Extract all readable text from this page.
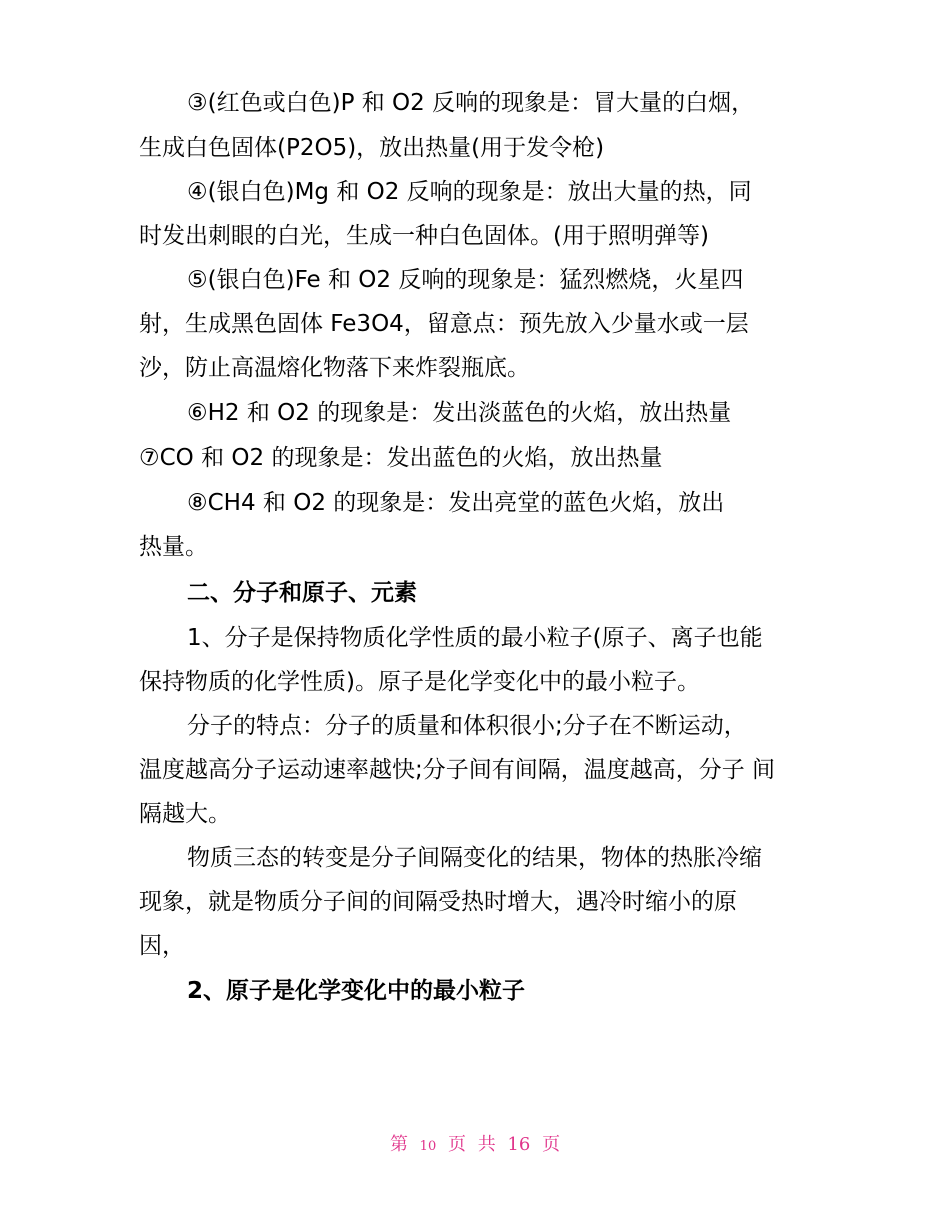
③(红色或白色)P 和 O2 反响的现象是：冒大量的白烟，
生成白色固体(P2O5)，放出热量(用于发令枪)
④(银白色)Mg 和 O2 反响的现象是：放出大量的热，同
时发出刺眼的白光，生成一种白色固体。(用于照明弹等)
⑤(银白色)Fe 和 O2 反响的现象是：猛烈燃烧，火星四
射，生成黑色固体 Fe3O4，留意点：预先放入少量水或一层
沙，防止高温熔化物落下来炸裂瓶底。
⑥H2 和 O2 的现象是：发出淡蓝色的火焰，放出热量
⑦CO 和 O2 的现象是：发出蓝色的火焰，放出热量
⑧CH4 和 O2 的现象是：发出亮堂的蓝色火焰，放出
热量。
二、分子和原子、元素
1、分子是保持物质化学性质的最小粒子(原子、离子也能
保持物质的化学性质)。原子是化学变化中的最小粒子。
分子的特点：分子的质量和体积很小;分子在不断运动，
温度越高分子运动速率越快;分子间有间隔，温度越高，分子 间
隔越大。
物质三态的转变是分子间隔变化的结果，物体的热胀冷缩
现象，就是物质分子间的间隔受热时增大，遇冷时缩小的原
因，
2、原子是化学变化中的最小粒子
第 10 页 共 16 页
